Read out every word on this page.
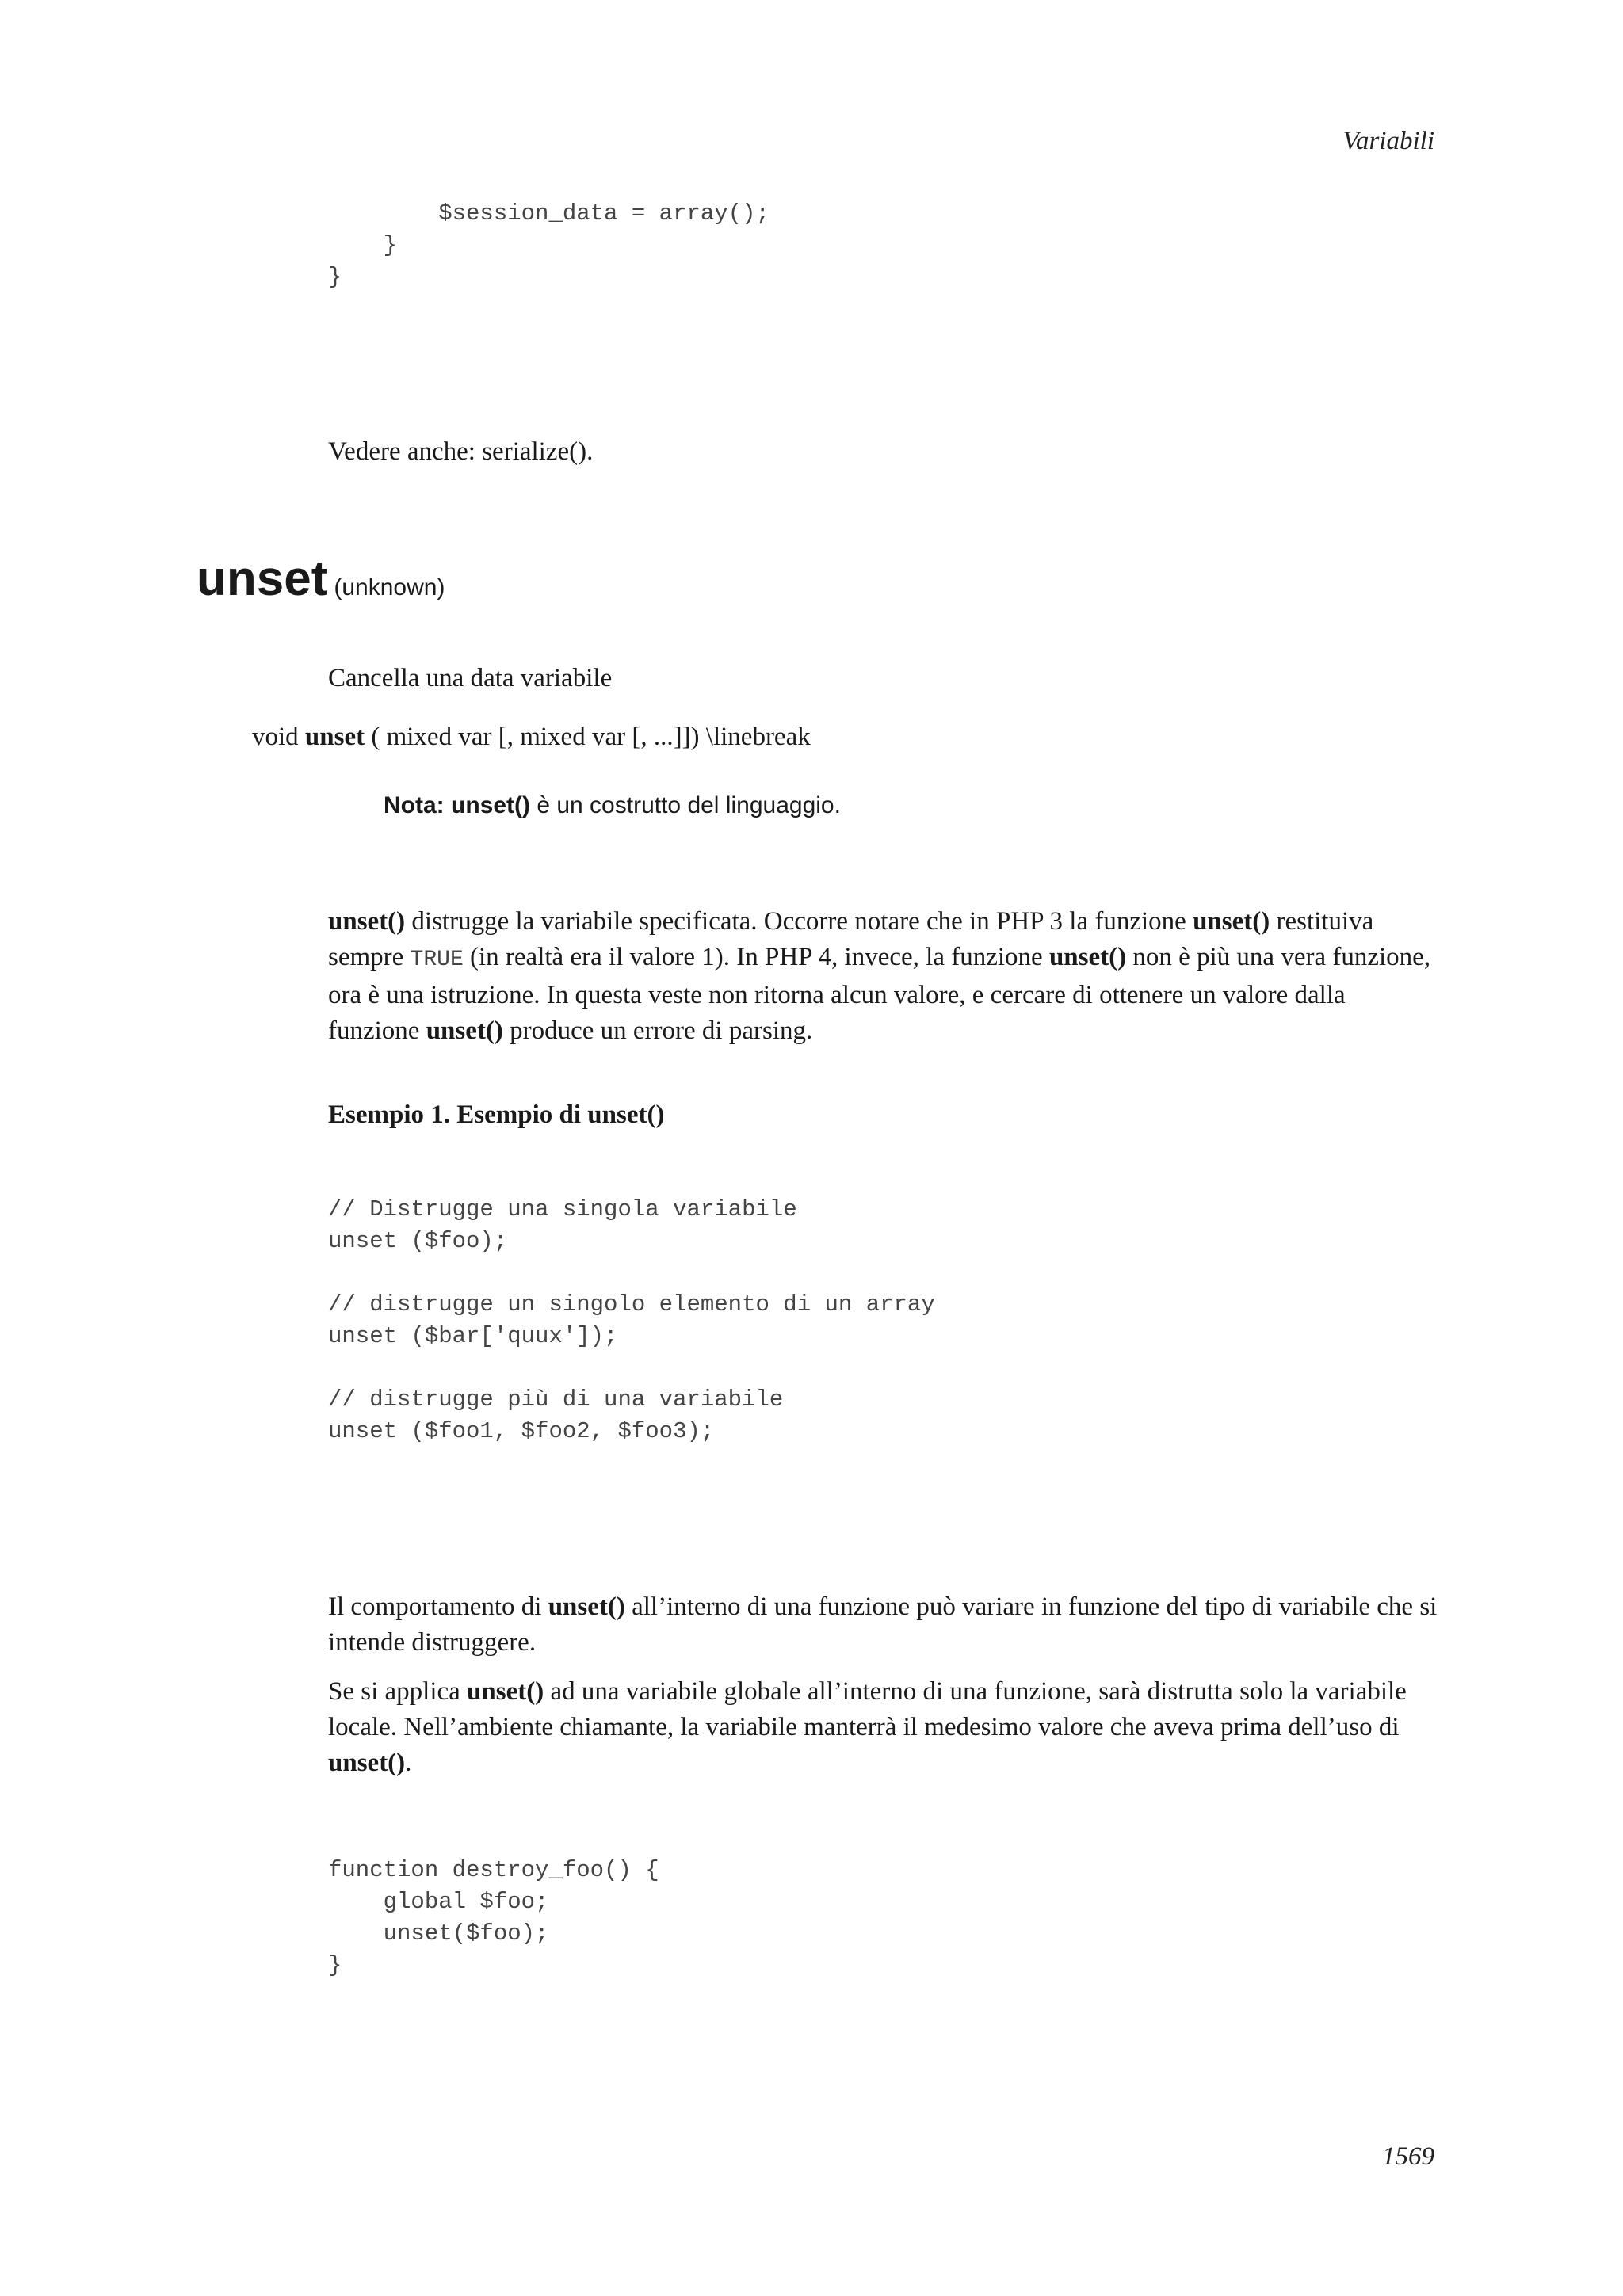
Variabili
$session_data = array();
}
}
Vedere anche: serialize().
unset (unknown)
Cancella una data variabile
void unset ( mixed var [, mixed var [, ...]]) \linebreak
Nota: unset() è un costrutto del linguaggio.

unset() distrugge la variabile specificata. Occorre notare che in PHP 3 la funzione unset() restituiva sempre TRUE (in realtà era il valore 1). In PHP 4, invece, la funzione unset() non è più una vera funzione, ora è una istruzione. In questa veste non ritorna alcun valore, e cercare di ottenere un valore dalla funzione unset() produce un errore di parsing.

Esempio 1. Esempio di unset()
// Distrugge una singola variabile
unset ($foo);

// distrugge un singolo elemento di un array
unset ($bar['quux']);

// distrugge più di una variabile
unset ($foo1, $foo2, $foo3);

Il comportamento di unset() all’interno di una funzione può variare in funzione del tipo di variabile che si intende distruggere.

Se si applica unset() ad una variabile globale all’interno di una funzione, sarà distrutta solo la variabile locale. Nell’ambiente chiamante, la variabile manterrà il medesimo valore che aveva prima dell’uso di unset().

function destroy_foo() {
global $foo;
unset($foo);
}
1569
